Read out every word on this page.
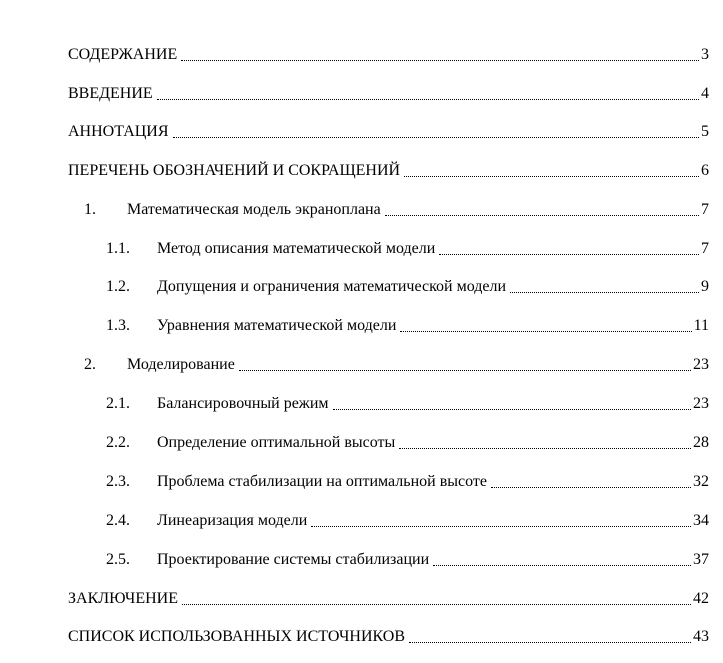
СОДЕРЖАНИЕ	3
ВВЕДЕНИЕ	4
АННОТАЦИЯ	5
ПЕРЕЧЕНЬ ОБОЗНАЧЕНИЙ И СОКРАЩЕНИЙ	6
1. Математическая модель экраноплана	7
1.1. Метод описания математической модели	7
1.2. Допущения и ограничения математической модели	9
1.3. Уравнения математической модели	11
2. Моделирование	23
2.1. Балансировочный режим	23
2.2. Определение оптимальной высоты	28
2.3. Проблема стабилизации на оптимальной высоте	32
2.4. Линеаризация модели	34
2.5. Проектирование системы стабилизации	37
ЗАКЛЮЧЕНИЕ	42
СПИСОК ИСПОЛЬЗОВАННЫХ ИСТОЧНИКОВ	43
